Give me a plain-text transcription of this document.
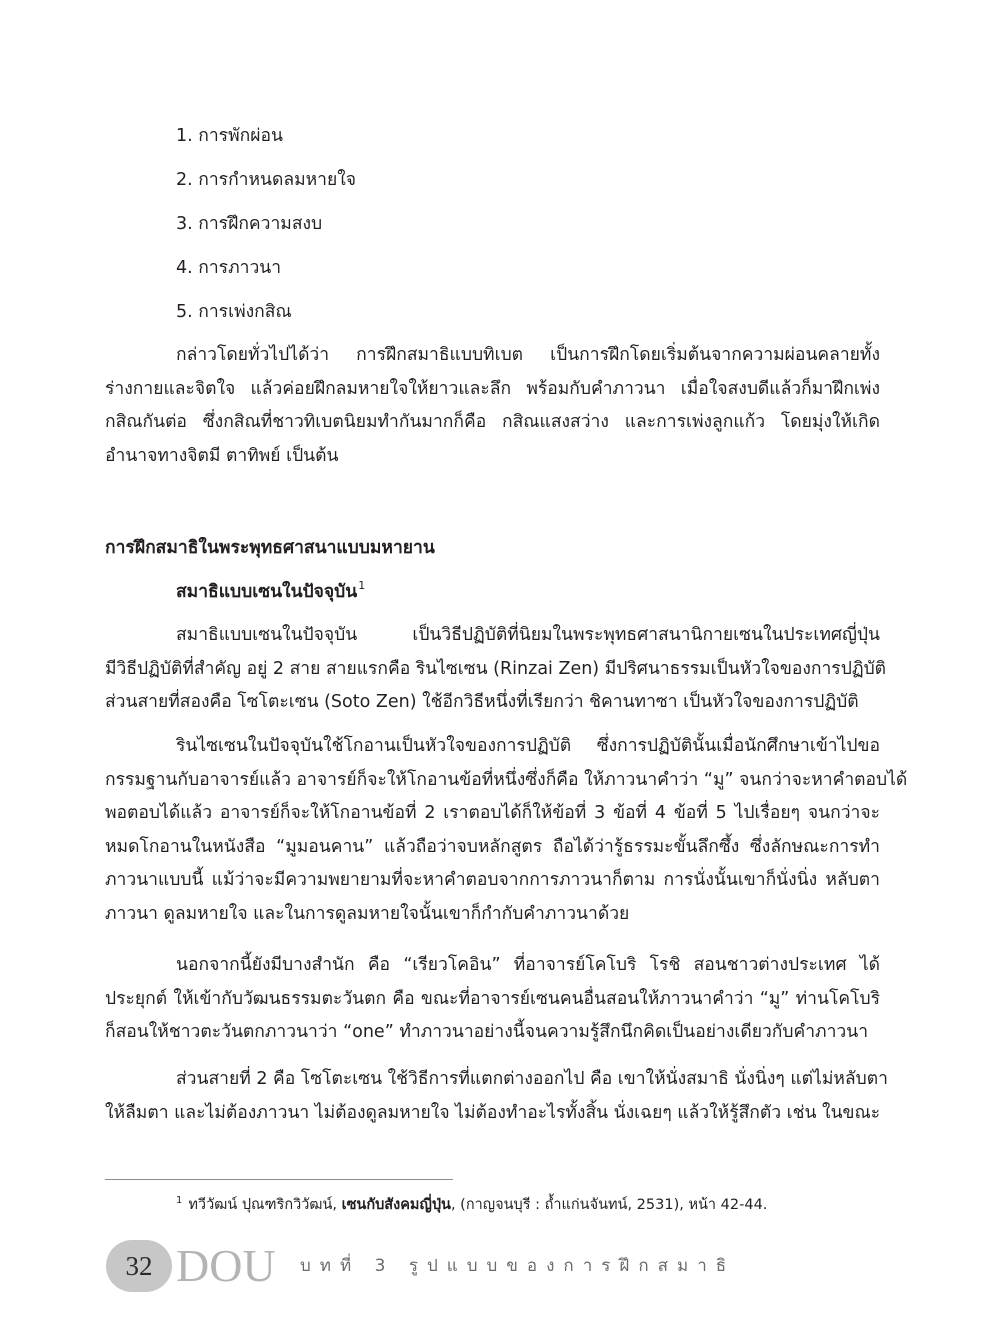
1. การพักผ่อน
2. การกำหนดลมหายใจ
3. การฝึกความสงบ
4. การภาวนา
5. การเพ่งกสิณ
กล่าวโดยทั่วไปได้ว่า การฝึกสมาธิแบบทิเบต เป็นการฝึกโดยเริ่มต้นจากความผ่อนคลายทั้ง
ร่างกายและจิตใจ แล้วค่อยฝึกลมหายใจให้ยาวและลึก พร้อมกับคำภาวนา เมื่อใจสงบดีแล้วก็มาฝึกเพ่ง
กสิณกันต่อ ซึ่งกสิณที่ชาวทิเบตนิยมทำกันมากก็คือ กสิณแสงสว่าง และการเพ่งลูกแก้ว โดยมุ่งให้เกิด
อำนาจทางจิตมี ตาทิพย์ เป็นต้น
การฝึกสมาธิในพระพุทธศาสนาแบบมหายาน
สมาธิแบบเซนในปัจจุบัน$^1$
สมาธิแบบเซนในปัจจุบัน เป็นวิธีปฏิบัติที่นิยมในพระพุทธศาสนานิกายเซนในประเทศญี่ปุ่น
มีวิธีปฏิบัติที่สำคัญ อยู่ 2 สาย สายแรกคือ รินไซเซน (Rinzai Zen) มีปริศนาธรรมเป็นหัวใจของการปฏิบัติ
ส่วนสายที่สองคือ โซโตะเซน (Soto Zen) ใช้อีกวิธีหนึ่งที่เรียกว่า ชิคานทาซา เป็นหัวใจของการปฏิบัติ
รินไซเซนในปัจจุบันใช้โกอานเป็นหัวใจของการปฏิบัติ ซึ่งการปฏิบัตินั้นเมื่อนักศึกษาเข้าไปขอ
กรรมฐานกับอาจารย์แล้ว อาจารย์ก็จะให้โกอานข้อที่หนึ่งซึ่งก็คือ ให้ภาวนาคำว่า “มู” จนกว่าจะหาคำตอบได้
พอตอบได้แล้ว อาจารย์ก็จะให้โกอานข้อที่ 2 เราตอบได้ก็ให้ข้อที่ 3 ข้อที่ 4 ข้อที่ 5 ไปเรื่อยๆ จนกว่าจะ
หมดโกอานในหนังสือ “มูมอนคาน” แล้วถือว่าจบหลักสูตร ถือได้ว่ารู้ธรรมะขั้นลึกซึ้ง ซึ่งลักษณะการทำ
ภาวนาแบบนี้ แม้ว่าจะมีความพยายามที่จะหาคำตอบจากการภาวนาก็ตาม การนั่งนั้นเขาก็นั่งนิ่ง หลับตา
ภาวนา ดูลมหายใจ และในการดูลมหายใจนั้นเขาก็กำกับคำภาวนาด้วย
นอกจากนี้ยังมีบางสำนัก คือ “เรียวโคอิน” ที่อาจารย์โคโบริ โรชิ สอนชาวต่างประเทศ ได้
ประยุกต์ ให้เข้ากับวัฒนธรรมตะวันตก คือ ขณะที่อาจารย์เซนคนอื่นสอนให้ภาวนาคำว่า “มู” ท่านโคโบริ
ก็สอนให้ชาวตะวันตกภาวนาว่า “one” ทำภาวนาอย่างนี้จนความรู้สึกนึกคิดเป็นอย่างเดียวกับคำภาวนา
ส่วนสายที่ 2 คือ โซโตะเซน ใช้วิธีการที่แตกต่างออกไป คือ เขาให้นั่งสมาธิ นั่งนิ่งๆ แต่ไม่หลับตา
ให้ลืมตา และไม่ต้องภาวนา ไม่ต้องดูลมหายใจ ไม่ต้องทำอะไรทั้งสิ้น นั่งเฉยๆ แล้วให้รู้สึกตัว เช่น ในขณะ
$^1$ ทวีวัฒน์ ปุณฑริกวิวัฒน์, เซนกับสังคมญี่ปุ่น, (กาญจนบุรี : ถ้ำแก่นจันทน์, 2531), หน้า 42-44.
32 DOU บทที่ 3 รูปแบบของการฝึกสมาธิ
